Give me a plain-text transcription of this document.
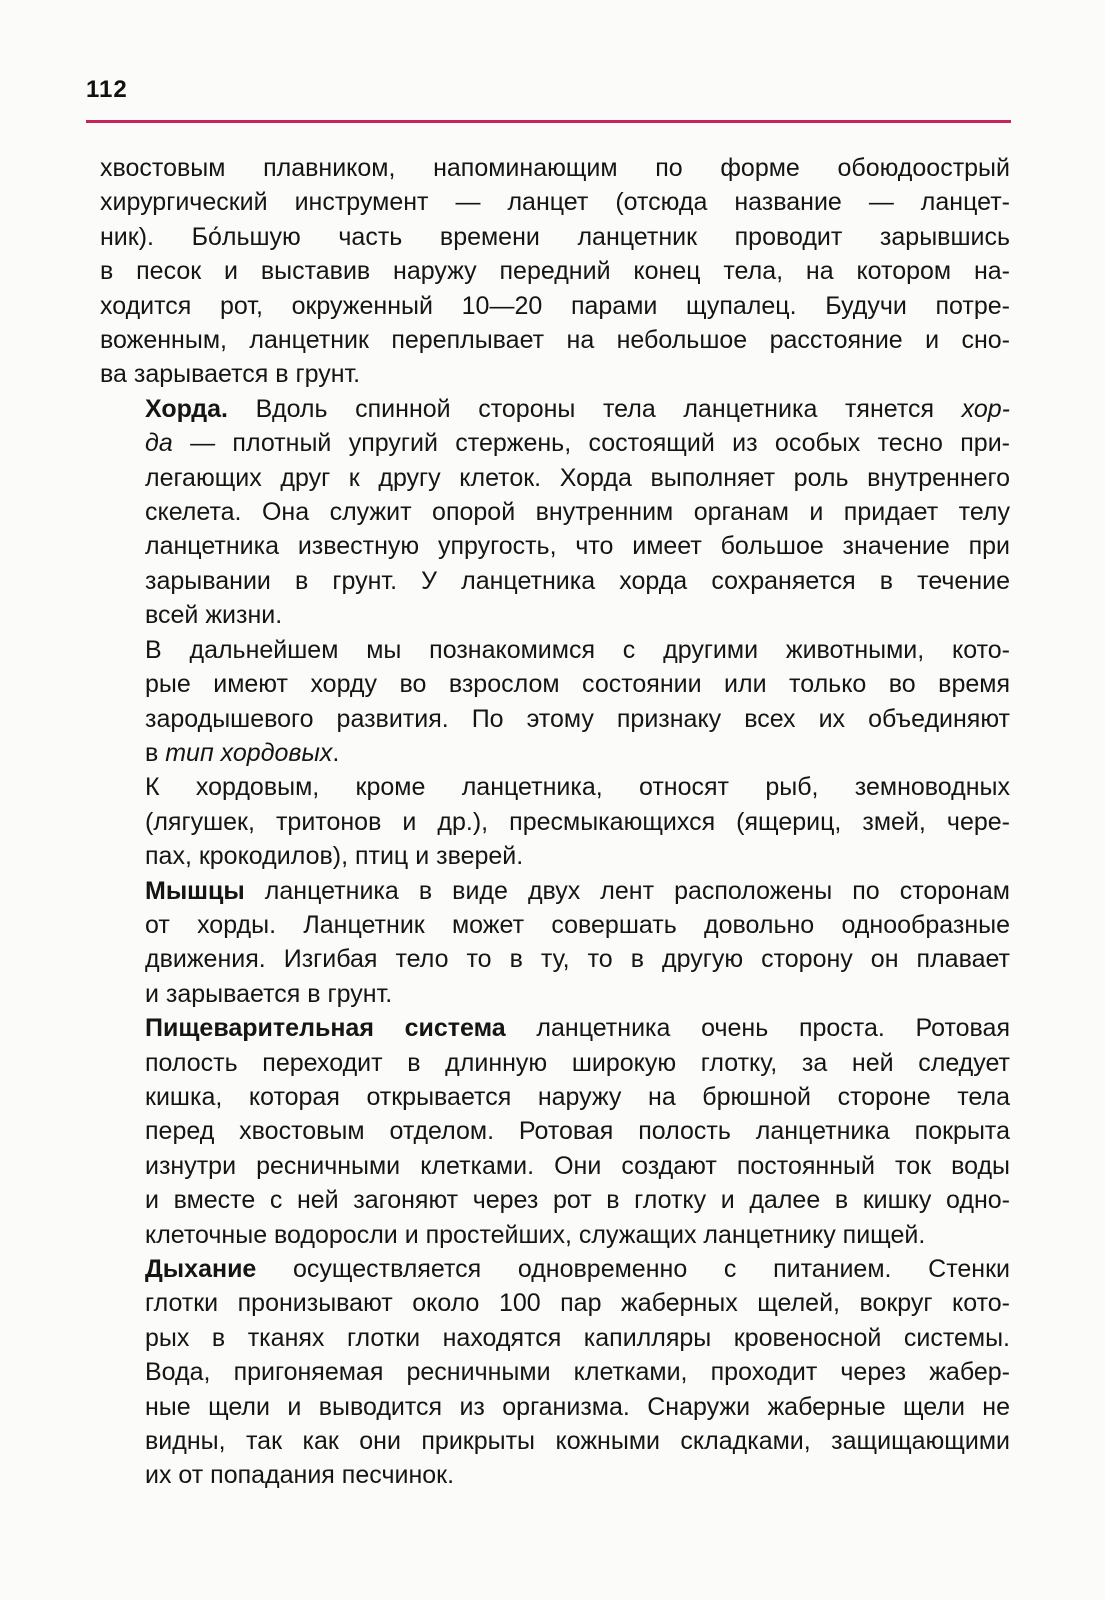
112
хвостовым плавником, напоминающим по форме обоюдоострый
хирургический инструмент — ланцет (отсюда название — ланцет-
ник). Бо́льшую часть времени ланцетник проводит зарывшись
в песок и выставив наружу передний конец тела, на котором на-
ходится рот, окруженный 10—20 парами щупалец. Будучи потре-
воженным, ланцетник переплывает на небольшое расстояние и сно-
ва зарывается в грунт.
Хорда. Вдоль спинной стороны тела ланцетника тянется хор-
да — плотный упругий стержень, состоящий из особых тесно при-
легающих друг к другу клеток. Хорда выполняет роль внутреннего
скелета. Она служит опорой внутренним органам и придает телу
ланцетника известную упругость, что имеет большое значение при
зарывании в грунт. У ланцетника хорда сохраняется в течение
всей жизни.
В дальнейшем мы познакомимся с другими животными, кото-
рые имеют хорду во взрослом состоянии или только во время
зародышевого развития. По этому признаку всех их объединяют
в тип хордовых.
К хордовым, кроме ланцетника, относят рыб, земноводных
(лягушек, тритонов и др.), пресмыкающихся (ящериц, змей, чере-
пах, крокодилов), птиц и зверей.
Мышцы ланцетника в виде двух лент расположены по сторонам
от хорды. Ланцетник может совершать довольно однообразные
движения. Изгибая тело то в ту, то в другую сторону он плавает
и зарывается в грунт.
Пищеварительная система ланцетника очень проста. Ротовая
полость переходит в длинную широкую глотку, за ней следует
кишка, которая открывается наружу на брюшной стороне тела
перед хвостовым отделом. Ротовая полость ланцетника покрыта
изнутри ресничными клетками. Они создают постоянный ток воды
и вместе с ней загоняют через рот в глотку и далее в кишку одно-
клеточные водоросли и простейших, служащих ланцетнику пищей.
Дыхание осуществляется одновременно с питанием. Стенки
глотки пронизывают около 100 пар жаберных щелей, вокруг кото-
рых в тканях глотки находятся капилляры кровеносной системы.
Вода, пригоняемая ресничными клетками, проходит через жабер-
ные щели и выводится из организма. Снаружи жаберные щели не
видны, так как они прикрыты кожными складками, защищающими
их от попадания песчинок.
